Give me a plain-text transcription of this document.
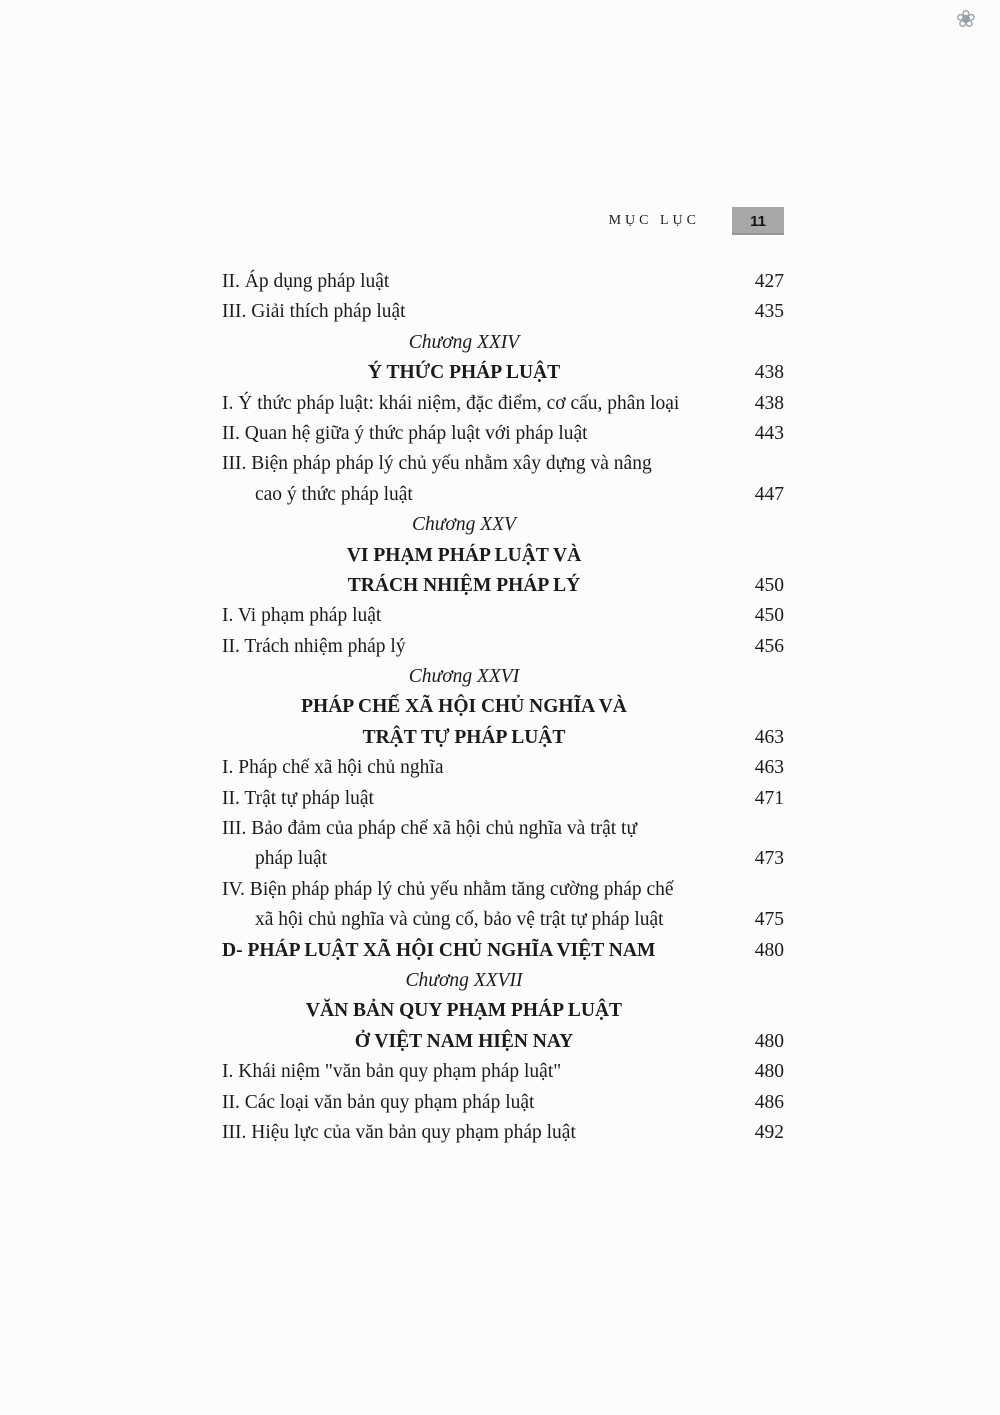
❀
MỤC LỤC	11
II. Áp dụng pháp luật	427
III. Giải thích pháp luật	435
Chương XXIV
Ý THỨC PHÁP LUẬT	438
I. Ý thức pháp luật: khái niệm, đặc điểm, cơ cấu, phân loại	438
II. Quan hệ giữa ý thức pháp luật với pháp luật	443
III. Biện pháp pháp lý chủ yếu nhằm xây dựng và nâng
cao ý thức pháp luật	447
Chương XXV
VI PHẠM PHÁP LUẬT VÀ
TRÁCH NHIỆM PHÁP LÝ	450
I. Vi phạm pháp luật	450
II. Trách nhiệm pháp lý	456
Chương XXVI
PHÁP CHẾ XÃ HỘI CHỦ NGHĨA VÀ
TRẬT TỰ PHÁP LUẬT	463
I. Pháp chế xã hội chủ nghĩa	463
II. Trật tự pháp luật	471
III. Bảo đảm của pháp chế xã hội chủ nghĩa và trật tự
pháp luật	473
IV. Biện pháp pháp lý chủ yếu nhằm tăng cường pháp chế
xã hội chủ nghĩa và củng cố, bảo vệ trật tự pháp luật	475
D- PHÁP LUẬT XÃ HỘI CHỦ NGHĨA VIỆT NAM	480
Chương XXVII
VĂN BẢN QUY PHẠM PHÁP LUẬT
Ở VIỆT NAM HIỆN NAY	480
I. Khái niệm "văn bản quy phạm pháp luật"	480
II. Các loại văn bản quy phạm pháp luật	486
III. Hiệu lực của văn bản quy phạm pháp luật	492
